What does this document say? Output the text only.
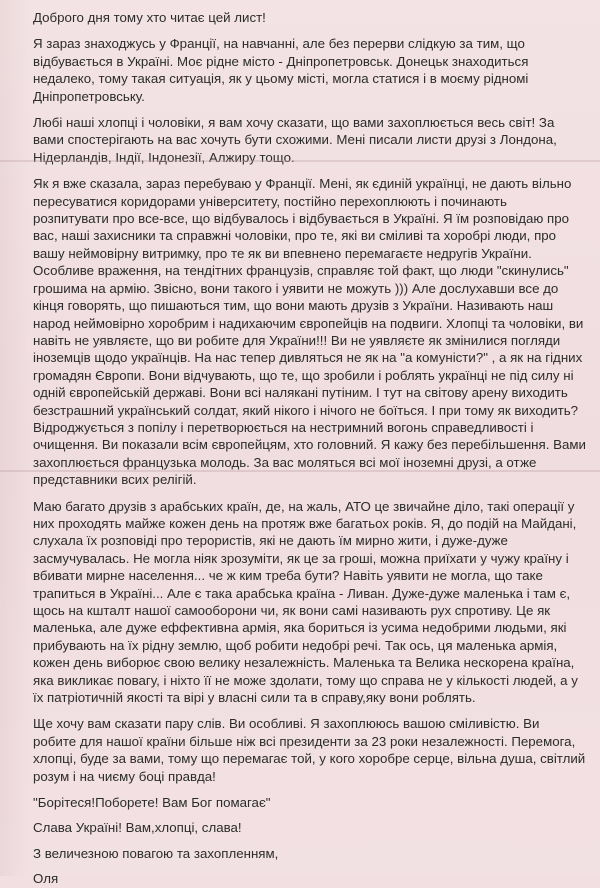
Доброго дня тому хто читає цей лист!

Я зараз знаходжусь у Франції, на навчанні, але без перерви слідкую за тим, що відбувається в Україні. Моє рідне місто - Дніпропетровськ. Донецьк знаходиться недалеко, тому такая ситуація, як у цьому місті, могла статися і в моєму рідномі Дніпропетровську.

Любі наші хлопці і чоловіки, я вам хочу сказати, що вами захоплюється весь світ! За вами спостерігають на вас хочуть бути схожими. Мені писали листи друзі з Лондона, Нідерландів, Індії, Індонезії, Алжиру тощо.

Як я вже сказала, зараз перебуваю у Франції. Мені, як єдиній українці, не дають вільно пересуватися коридорами університету, постійно перехоплюють і починають розпитувати про все-все, що відбувалось і відбувається в Україні. Я їм розповідаю про вас, наші захисники та справжні чоловіки, про те, які ви сміливі та хоробрі люди, про вашу неймовірну витримку, про те як ви впевнено перемагаєте недругів України. Особливе враження, на тендітних французів, справляє той факт, що люди "скинулись" грошима на армію. Звісно, вони такого і уявити не можуть ))) Але дослухавши все до кінця говорять, що пишаються тим, що вони мають друзів з України. Називають наш народ неймовірно хоробрим і надихаючим європейців на подвиги. Хлопці та чоловіки, ви навіть не уявляєте, що ви робите для України!!! Ви не уявляєте як змінилися погляди іноземців щодо українців. На нас тепер дивляться не як на "а комуністи?" , а як на гідних громадян Європи. Вони відчувають, що те, що зробили і роблять українці не під силу ні одній європейській державі. Вони всі налякані путіним. І тут на світову арену виходить безстрашний український солдат, який нікого і нічого не боїться. І при тому як виходить? Відроджується з попілу і перетворюється на нестримний вогонь справедливості і очищення. Ви показали всім європейцям, хто головний. Я кажу без перебільшення. Вами захоплюється французька молодь. За вас моляться всі мої іноземні друзі, а отже представники всих релігій.

Маю багато друзів з арабських країн, де, на жаль, АТО це звичайне діло, такі операції у них проходять майже кожен день на протяж вже багатьох років. Я, до подій на Майдані, слухала їх розповіді про терористів, які не дають їм мирно жити, і дуже-дуже засмучувалась. Не могла ніяк зрозуміти, як це за гроші, можна приїхати у чужу країну і вбивати мирне населення... че ж ким треба бути? Навіть уявити не могла, що таке трапиться в Україні... Але є така арабська країна - Ливан. Дуже-дуже маленька і там є, щось на кшталт нашої самооборони чи, як вони самі називають рух спротиву. Це як маленька, але дуже еффективна армія, яка бориться із усима недобрими людьми, які прибувають на їх рідну землю, щоб робити недобрі речі. Так ось, ця маленька армія, кожен день виборює свою велику незалежність. Маленька та Велика нескорена країна, яка викликає повагу, і ніхто її не може здолати, тому що справа не у кількості людей, а у їх патріотичній якості та вірі у власні сили та в справу,яку вони роблять.

Ще хочу вам сказати пару слів. Ви особливі. Я захоплююсь вашою сміливістю. Ви робите для нашої країни більше ніж всі президенти за 23 роки незалежності. Перемога, хлопці, буде за вами, тому що перемагає той, у кого хоробре серце, вільна душа, світлий розум і на чиєму боці правда!

"Борітеся!Поборете! Вам Бог помагає"

Слава Україні! Вам,хлопці, слава!

З величезною повагою та захопленням,

Оля
